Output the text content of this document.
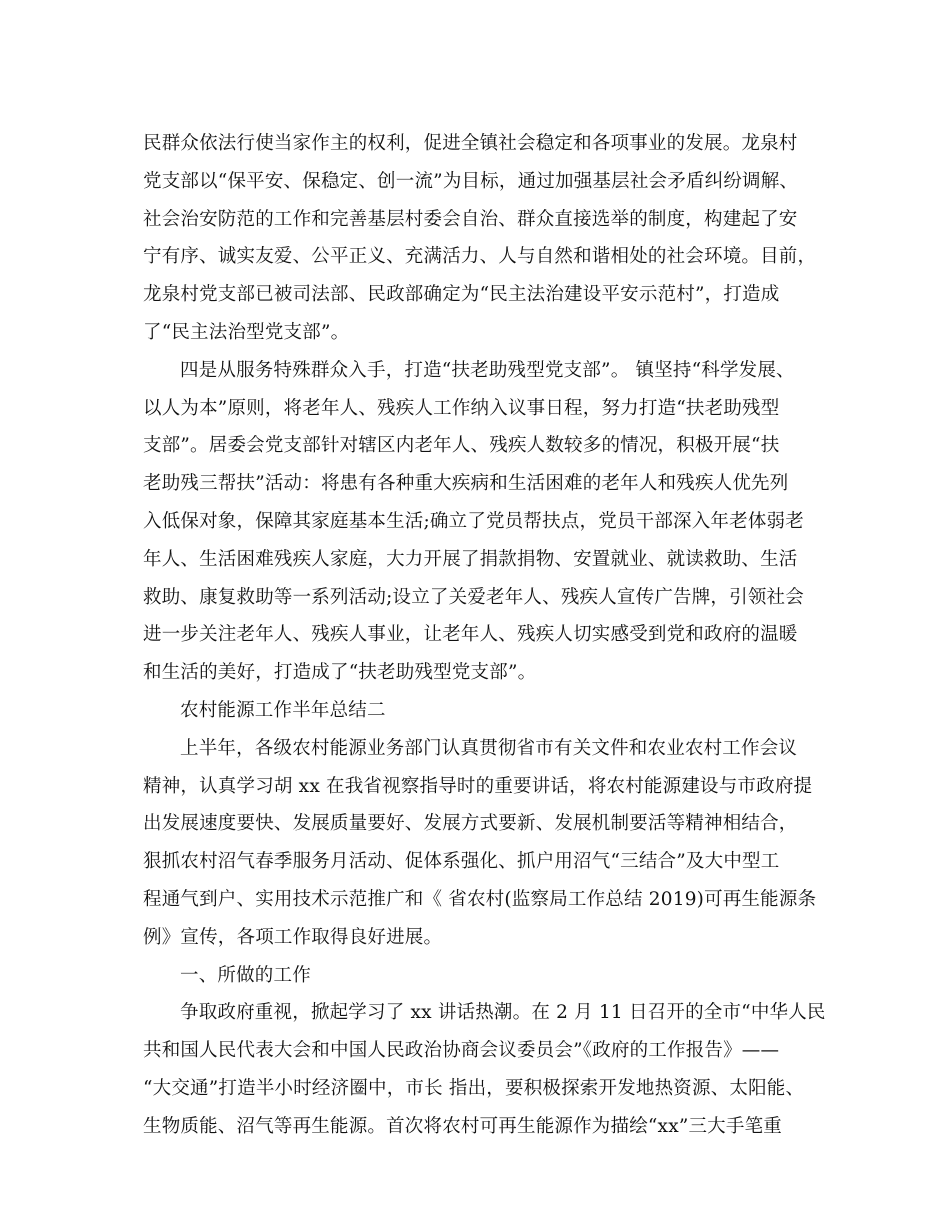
民群众依法行使当家作主的权利，促进全镇社会稳定和各项事业的发展。龙泉村
党支部以“保平安、保稳定、创一流”为目标，通过加强基层社会矛盾纠纷调解、
社会治安防范的工作和完善基层村委会自治、群众直接选举的制度，构建起了安
宁有序、诚实友爱、公平正义、充满活力、人与自然和谐相处的社会环境。目前，
龙泉村党支部已被司法部、民政部确定为“民主法治建设平安示范村”，打造成
了“民主法治型党支部”。
四是从服务特殊群众入手，打造“扶老助残型党支部”。 镇坚持“科学发展、
以人为本”原则，将老年人、残疾人工作纳入议事日程，努力打造“扶老助残型
支部”。居委会党支部针对辖区内老年人、残疾人数较多的情况，积极开展“扶
老助残三帮扶”活动：将患有各种重大疾病和生活困难的老年人和残疾人优先列
入低保对象，保障其家庭基本生活;确立了党员帮扶点，党员干部深入年老体弱老
年人、生活困难残疾人家庭，大力开展了捐款捐物、安置就业、就读救助、生活
救助、康复救助等一系列活动;设立了关爱老年人、残疾人宣传广告牌，引领社会
进一步关注老年人、残疾人事业，让老年人、残疾人切实感受到党和政府的温暖
和生活的美好，打造成了“扶老助残型党支部”。
农村能源工作半年总结二
上半年，各级农村能源业务部门认真贯彻省市有关文件和农业农村工作会议
精神，认真学习胡 xx 在我省视察指导时的重要讲话，将农村能源建设与市政府提
出发展速度要快、发展质量要好、发展方式要新、发展机制要活等精神相结合，
狠抓农村沼气春季服务月活动、促体系强化、抓户用沼气“三结合”及大中型工
程通气到户、实用技术示范推广和《 省农村(监察局工作总结 2019)可再生能源条
例》宣传，各项工作取得良好进展。
一、所做的工作
争取政府重视，掀起学习了 xx 讲话热潮。在 2 月 11 日召开的全市“中华人民
共和国人民代表大会和中国人民政治协商会议委员会”《政府的工作报告》——
“大交通”打造半小时经济圈中，市长 指出，要积极探索开发地热资源、太阳能、
生物质能、沼气等再生能源。首次将农村可再生能源作为描绘“xx”三大手笔重
